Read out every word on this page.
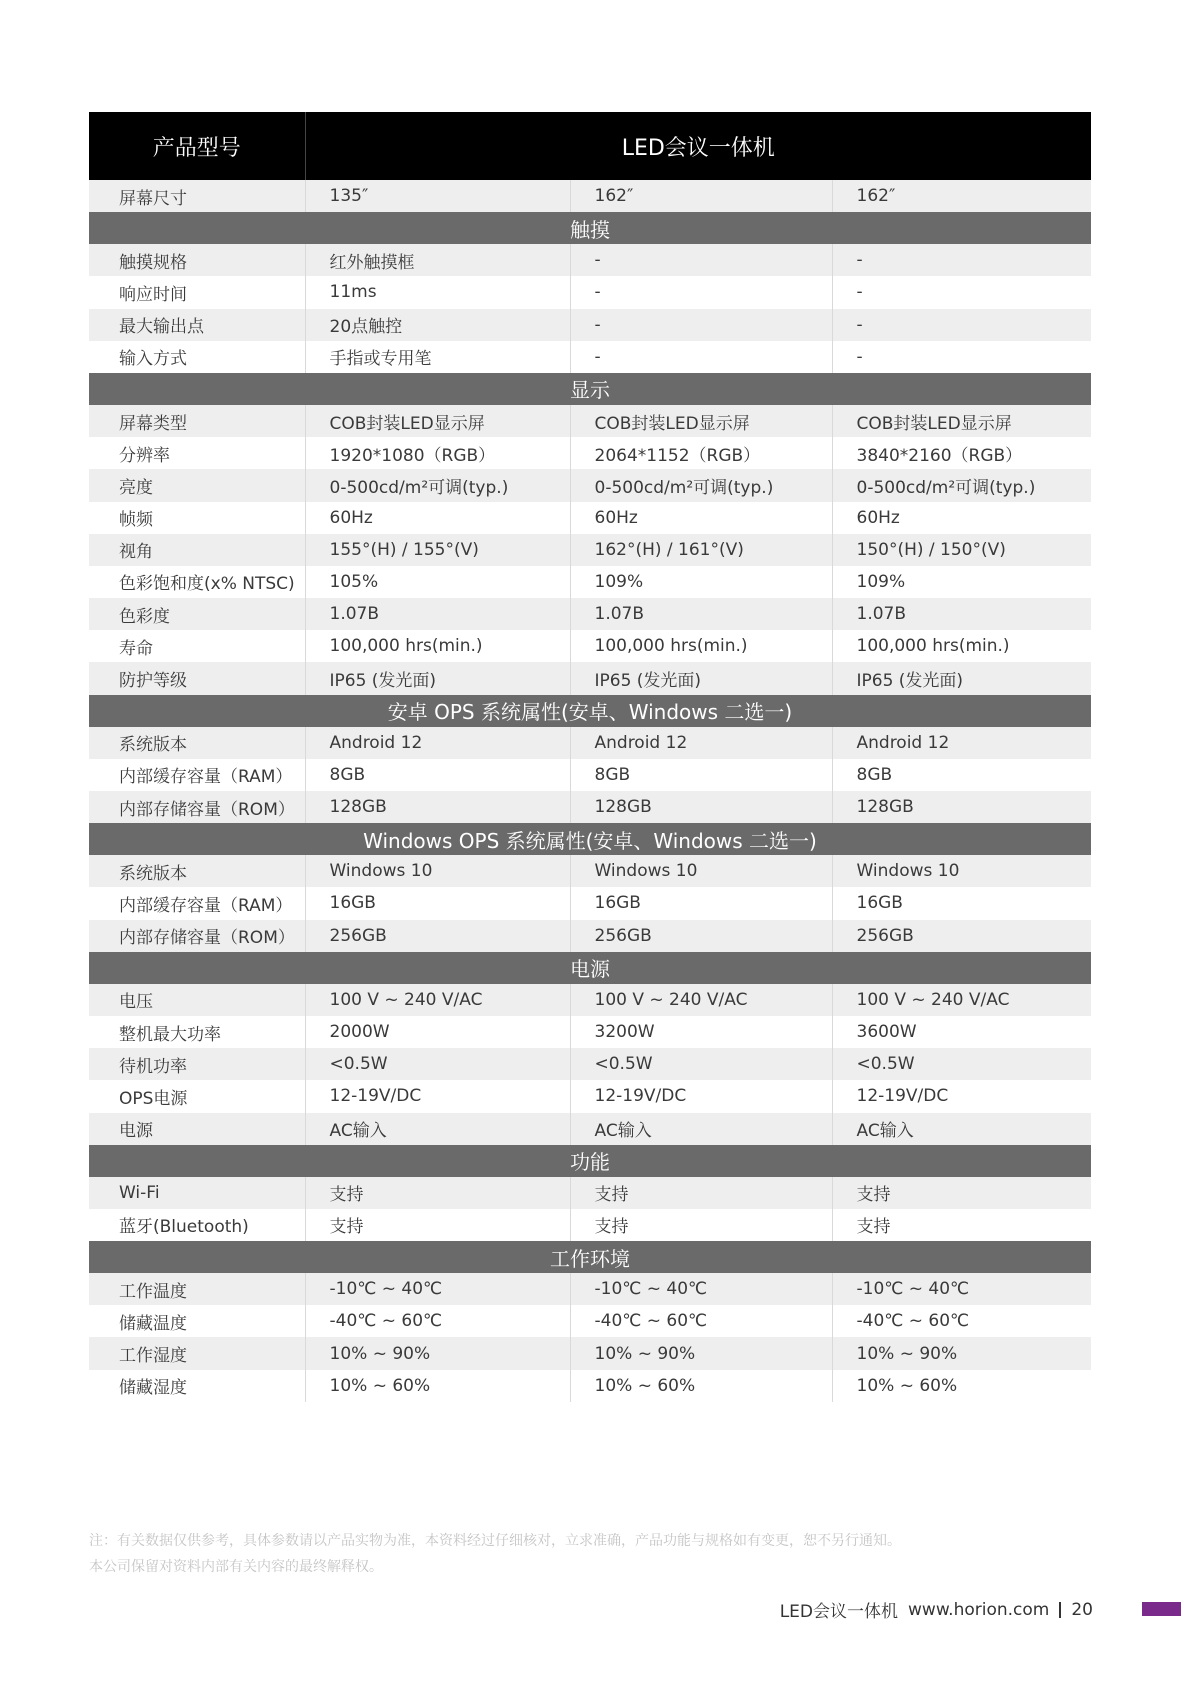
产品型号	LED会议一体机		
屏幕尺寸	135″	162″	162″
触摸			
触摸规格	红外触摸框	-	-
响应时间	11ms	-	-
最大输出点	20点触控	-	-
输入方式	手指或专用笔	-	-
显示			
屏幕类型	COB封装LED显示屏	COB封装LED显示屏	COB封装LED显示屏
分辨率	1920*1080（RGB）	2064*1152（RGB）	3840*2160（RGB）
亮度	0-500cd/m²可调(typ.)	0-500cd/m²可调(typ.)	0-500cd/m²可调(typ.)
帧频	60Hz	60Hz	60Hz
视角	155°(H) / 155°(V)	162°(H) / 161°(V)	150°(H) / 150°(V)
色彩饱和度(x% NTSC)	105%	109%	109%
色彩度	1.07B	1.07B	1.07B
寿命	100,000 hrs(min.)	100,000 hrs(min.)	100,000 hrs(min.)
防护等级	IP65 (发光面)	IP65 (发光面)	IP65 (发光面)
安卓 OPS 系统属性(安卓、Windows 二选一)			
系统版本	Android 12	Android 12	Android 12
内部缓存容量（RAM）	8GB	8GB	8GB
内部存储容量（ROM）	128GB	128GB	128GB
Windows OPS 系统属性(安卓、Windows 二选一)			
系统版本	Windows 10	Windows 10	Windows 10
内部缓存容量（RAM）	16GB	16GB	16GB
内部存储容量（ROM）	256GB	256GB	256GB
电源			
电压	100 V ~ 240 V/AC	100 V ~ 240 V/AC	100 V ~ 240 V/AC
整机最大功率	2000W	3200W	3600W
待机功率	<0.5W	<0.5W	<0.5W
OPS电源	12-19V/DC	12-19V/DC	12-19V/DC
电源	AC输入	AC输入	AC输入
功能			
Wi-Fi	支持	支持	支持
蓝牙(Bluetooth)	支持	支持	支持
工作环境			
工作温度	-10℃ ~ 40℃	-10℃ ~ 40℃	-10℃ ~ 40℃
储藏温度	-40℃ ~ 60℃	-40℃ ~ 60℃	-40℃ ~ 60℃
工作湿度	10% ~ 90%	10% ~ 90%	10% ~ 90%
储藏湿度	10% ~ 60%	10% ~ 60%	10% ~ 60%
注：有关数据仅供参考，具体参数请以产品实物为准，本资料经过仔细核对，立求准确，产品功能与规格如有变更，恕不另行通知。
本公司保留对资料内部有关内容的最终解释权。
LED会议一体机 www.horion.com 20
